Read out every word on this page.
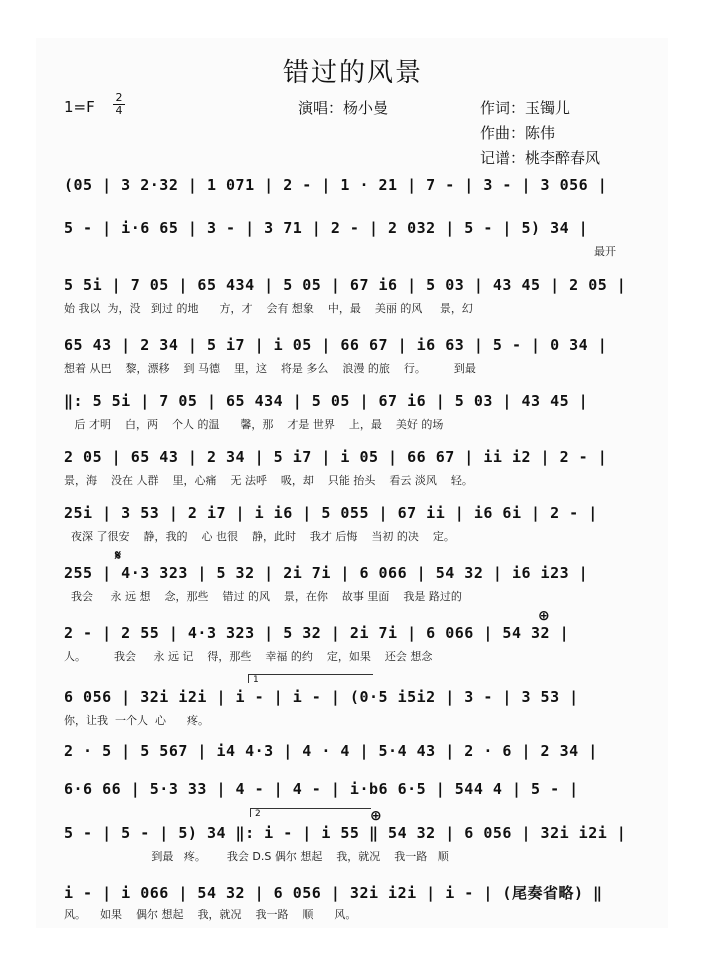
错过的风景
1=F
2
4	演唱：杨小曼	作词：玉镯儿
作曲：陈伟
记谱：桃李醉春风
(05 | 3 2·32 | 1 071 | 2 - | 1 · 21 | 7 - | 3 - | 3 056 |
5 - | i·6 65 | 3 - | 3 71 | 2 - | 2 032 | 5 - | 5) 34 |
最开
5 5i | 7 05 | 65 434 | 5 05 | 67 i6 | 5 03 | 43 45 | 2 05 |
始 我以  为，没   到过 的地      方，才    会有 想象    中，最    美丽 的风     景，幻
65 43 | 2 34 | 5 i7 | i 05 | 66 67 | i6 63 | 5 - | 0 34 |
想着 从巴    黎，漂移    到 马德    里，这    将是 多么    浪漫 的旅    行。        到最
‖: 5 5i | 7 05 | 65 434 | 5 05 | 67 i6 | 5 03 | 43 45 |
后 才明    白，两    个人 的温      馨，那    才是 世界    上，最    美好 的场
2 05 | 65 43 | 2 34 | 5 i7 | i 05 | 66 67 | ii i2 | 2 - |
景，海    没在 人群    里，心痛    无 法呼    吸，却    只能 抬头    看云 淡风    轻。
25i | 3 53 | 2 i7 | i i6 | 5 055 | 67 ii | i6 6i | 2 - |
夜深 了很安    静，我的    心 也很    静，此时    我才 后悔    当初 的决    定。
𝄋
255 | 4·3 323 | 5 32 | 2i 7i | 6 066 | 54 32 | i6 i23 |
我会     永 远 想    念，那些    错过 的风    景，在你    故事 里面    我是 路过的
⊕
2 - | 2 55 | 4·3 323 | 5 32 | 2i 7i | 6 066 | 54 32 |
人。        我会     永 远 记    得，那些    幸福 的约    定，如果    还会 想念
1
6 056 | 32i i2i | i - | i - | (0·5 i5i2 | 3 - | 3 53 |
你，让我  一个人  心      疼。
2 · 5 | 5 567 | i4 4·3 | 4 · 4 | 5·4 43 | 2 · 6 | 2 34 |
6·6 66 | 5·3 33 | 4 - | 4 - | i·b6 6·5 | 544 4 | 5 - |
2	⊕
5 - | 5 - | 5) 34 ‖: i - | i 55 ‖ 54 32 | 6 056 | 32i i2i |
到最   疼。      我会 D.S 偶尔 想起    我，就况    我一路   顺
i - | i 066 | 54 32 | 6 056 | 32i i2i | i - | (尾奏省略) ‖
风。    如果    偶尔 想起    我，就况    我一路    顺      风。
